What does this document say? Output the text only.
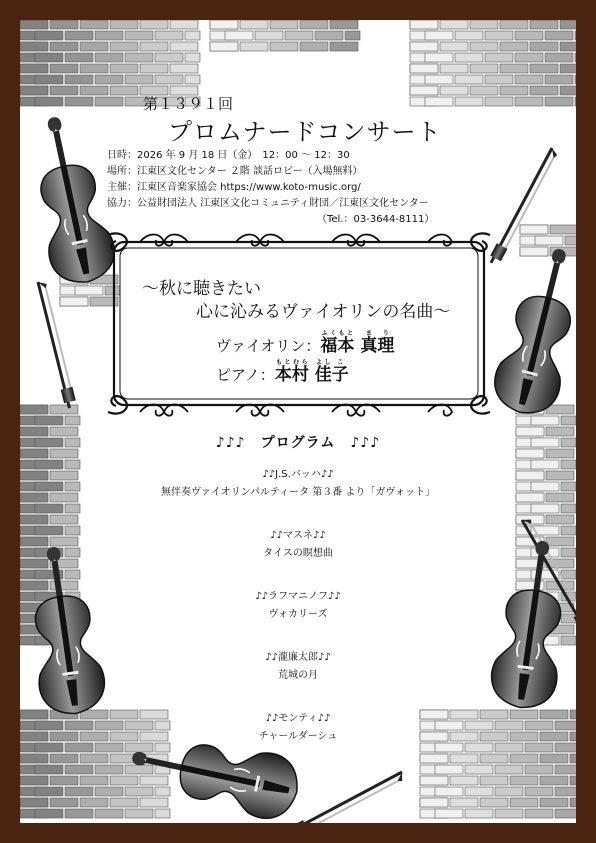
第１３９１回
プロムナードコンサート
日時：2026 年 9 月 18 日（金）　12：00 ～ 12：30
場所：江東区文化センター ２階 談話ロビー（入場無料）
主催：江東区音楽家協会 https://www.koto-music.org/
協力：公益財団法人 江東区文化コミュニティ財団／江東区文化センター
（Tel.：03-3644-8111）
～秋に聴きたい
心に沁みるヴァイオリンの名曲～
ヴァイオリン：福ふく本もと 真ま理り
ピアノ：本もと村むら 佳よし子こ
♪♪♪　プログラム　♪♪♪
♪♪J.S.バッハ♪♪
無伴奏ヴァイオリンパルティータ 第３番 より「ガヴォット」
♪♪マスネ♪♪
タイスの瞑想曲
♪♪ラフマニノフ♪♪
ヴォカリーズ
♪♪瀧廉太郎♪♪
荒城の月
♪♪モンティ♪♪
チャールダーシュ
